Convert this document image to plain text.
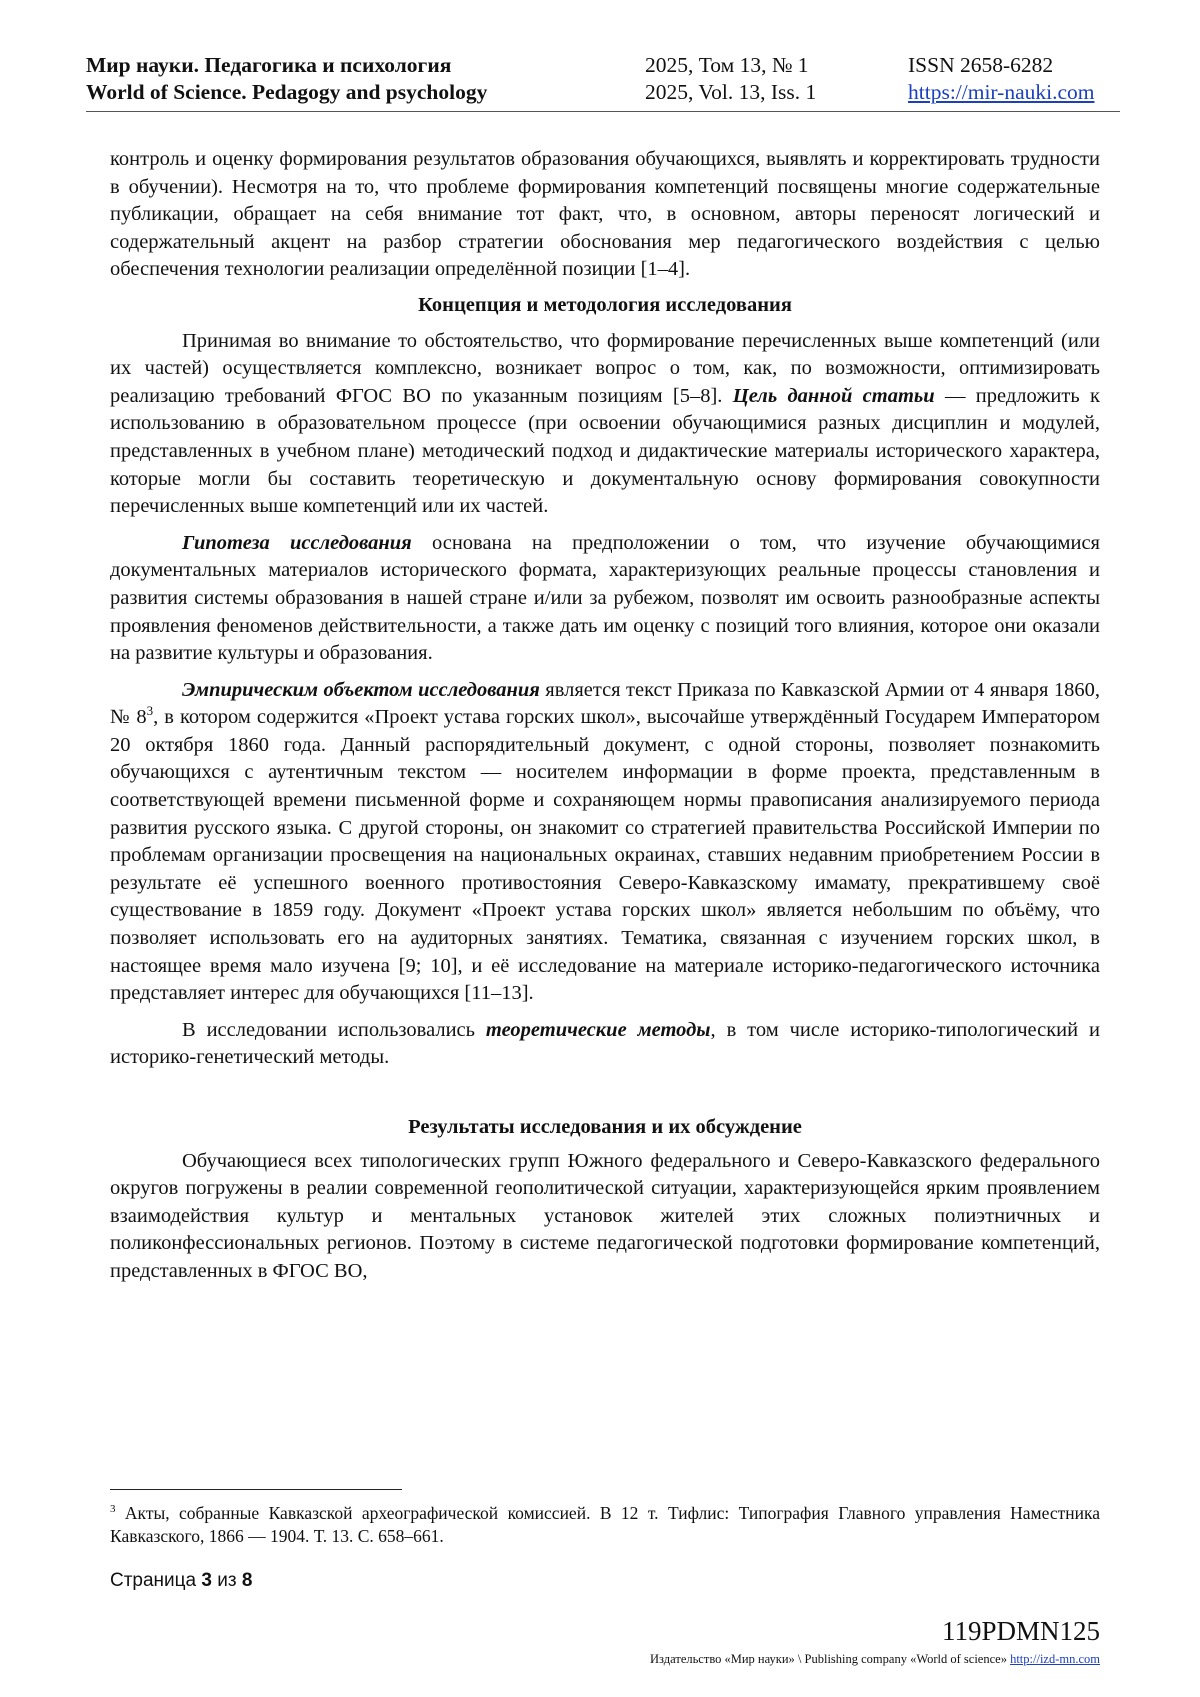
Мир науки. Педагогика и психология
World of Science. Pedagogy and psychology
2025, Том 13, № 1
2025, Vol. 13, Iss. 1
ISSN 2658-6282
https://mir-nauki.com

контроль и оценку формирования результатов образования обучающихся, выявлять и корректировать трудности в обучении). Несмотря на то, что проблеме формирования компетенций посвящены многие содержательные публикации, обращает на себя внимание тот факт, что, в основном, авторы переносят логический и содержательный акцент на разбор стратегии обоснования мер педагогического воздействия с целью обеспечения технологии реализации определённой позиции [1–4].

Концепция и методология исследования

Принимая во внимание то обстоятельство, что формирование перечисленных выше компетенций (или их частей) осуществляется комплексно, возникает вопрос о том, как, по возможности, оптимизировать реализацию требований ФГОС ВО по указанным позициям [5–8]. Цель данной статьи — предложить к использованию в образовательном процессе (при освоении обучающимися разных дисциплин и модулей, представленных в учебном плане) методический подход и дидактические материалы исторического характера, которые могли бы составить теоретическую и документальную основу формирования совокупности перечисленных выше компетенций или их частей.

Гипотеза исследования основана на предположении о том, что изучение обучающимися документальных материалов исторического формата, характеризующих реальные процессы становления и развития системы образования в нашей стране и/или за рубежом, позволят им освоить разнообразные аспекты проявления феноменов действительности, а также дать им оценку с позиций того влияния, которое они оказали на развитие культуры и образования.

Эмпирическим объектом исследования является текст Приказа по Кавказской Армии от 4 января 1860, № $8^3$, в котором содержится «Проект устава горских школ», высочайше утверждённый Государем Императором 20 октября 1860 года. Данный распорядительный документ, с одной стороны, позволяет познакомить обучающихся с аутентичным текстом — носителем информации в форме проекта, представленным в соответствующей времени письменной форме и сохраняющем нормы правописания анализируемого периода развития русского языка. С другой стороны, он знакомит со стратегией правительства Российской Империи по проблемам организации просвещения на национальных окраинах, ставших недавним приобретением России в результате её успешного военного противостояния Северо-Кавказскому имамату, прекратившему своё существование в 1859 году. Документ «Проект устава горских школ» является небольшим по объёму, что позволяет использовать его на аудиторных занятиях. Тематика, связанная с изучением горских школ, в настоящее время мало изучена [9; 10], и её исследование на материале историко-педагогического источника представляет интерес для обучающихся [11–13].

В исследовании использовались теоретические методы, в том числе историко-типологический и историко-генетический методы.

Результаты исследования и их обсуждение

Обучающиеся всех типологических групп Южного федерального и Северо-Кавказского федерального округов погружены в реалии современной геополитической ситуации, характеризующейся ярким проявлением взаимодействия культур и ментальных установок жителей этих сложных полиэтничных и поликонфессиональных регионов. Поэтому в системе педагогической подготовки формирование компетенций, представленных в ФГОС ВО,

$^3$ Акты, собранные Кавказской археографической комиссией. В 12 т. Тифлис: Типография Главного управления Наместника Кавказского, 1866 — 1904. Т. 13. С. 658–661.
Страница 3 из 8
119PDMN125
Издательство «Мир науки» \ Publishing company «World of science» http://izd-mn.com
